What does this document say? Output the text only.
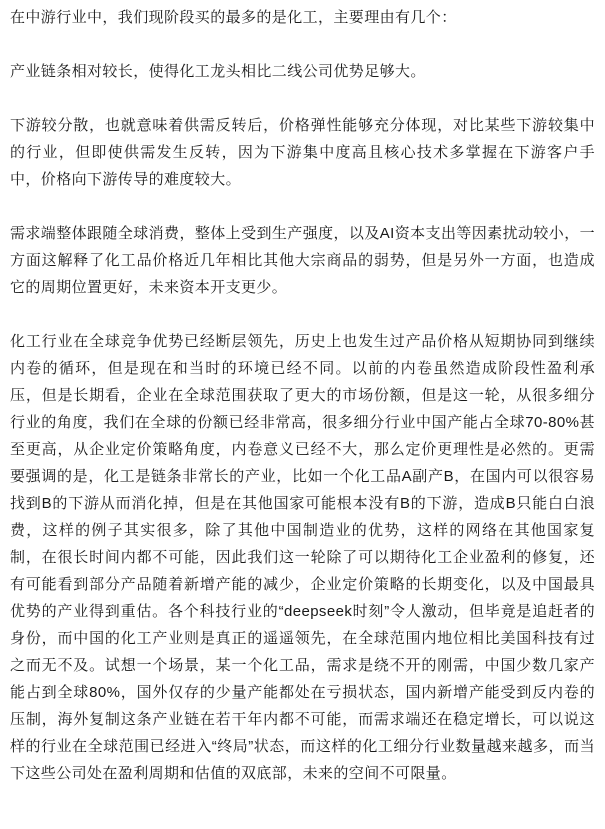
在中游行业中，我们现阶段买的最多的是化工，主要理由有几个：

产业链条相对较长，使得化工龙头相比二线公司优势足够大。

下游较分散，也就意味着供需反转后，价格弹性能够充分体现，对比某些下游较集中的行业，但即使供需发生反转，因为下游集中度高且核心技术多掌握在下游客户手中，价格向下游传导的难度较大。

需求端整体跟随全球消费，整体上受到生产强度，以及AI资本支出等因素扰动较小，一方面这解释了化工品价格近几年相比其他大宗商品的弱势，但是另外一方面，也造成它的周期位置更好，未来资本开支更少。

化工行业在全球竞争优势已经断层领先，历史上也发生过产品价格从短期协同到继续内卷的循环，但是现在和当时的环境已经不同。以前的内卷虽然造成阶段性盈利承压，但是长期看，企业在全球范围获取了更大的市场份额，但是这一轮，从很多细分行业的角度，我们在全球的份额已经非常高，很多细分行业中国产能占全球70-80%甚至更高，从企业定价策略角度，内卷意义已经不大，那么定价更理性是必然的。更需要强调的是，化工是链条非常长的产业，比如一个化工品A副产B，在国内可以很容易找到B的下游从而消化掉，但是在其他国家可能根本没有B的下游，造成B只能白白浪费，这样的例子其实很多，除了其他中国制造业的优势，这样的网络在其他国家复制，在很长时间内都不可能，因此我们这一轮除了可以期待化工企业盈利的修复，还有可能看到部分产品随着新增产能的减少，企业定价策略的长期变化，以及中国最具优势的产业得到重估。各个科技行业的“deepseek时刻”令人激动，但毕竟是追赶者的身份，而中国的化工产业则是真正的遥遥领先，在全球范围内地位相比美国科技有过之而无不及。试想一个场景，某一个化工品，需求是绕不开的刚需，中国少数几家产能占到全球80%，国外仅存的少量产能都处在亏损状态，国内新增产能受到反内卷的压制，海外复制这条产业链在若干年内都不可能，而需求端还在稳定增长，可以说这样的行业在全球范围已经进入“终局”状态，而这样的化工细分行业数量越来越多，而当下这些公司处在盈利周期和估值的双底部，未来的空间不可限量。
